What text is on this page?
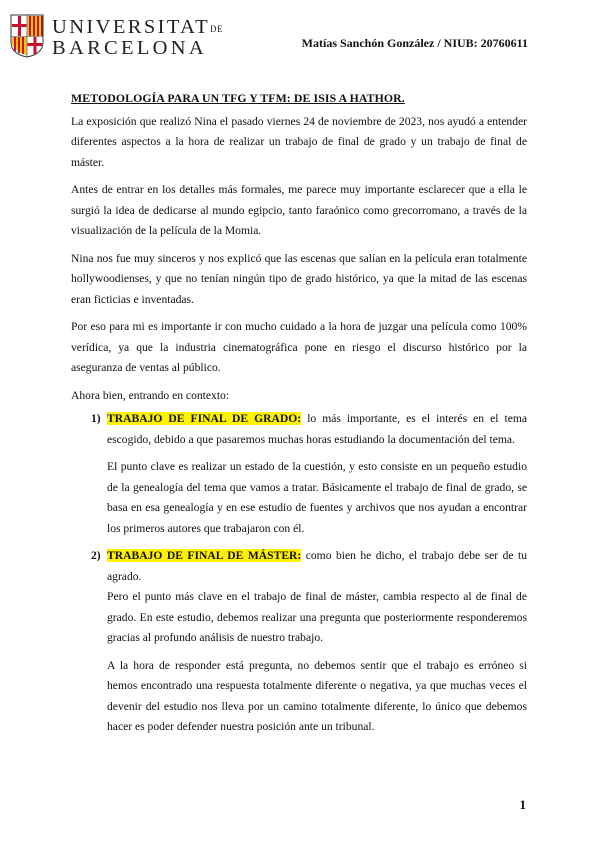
UNIVERSITATDE
BARCELONA	Matías Sanchón González / NIUB: 20760611
METODOLOGÍA PARA UN TFG Y TFM: DE ISIS A HATHOR.

La exposición que realizó Nina el pasado viernes 24 de noviembre de 2023, nos ayudó a entender diferentes aspectos a la hora de realizar un trabajo de final de grado y un trabajo de final de máster.

Antes de entrar en los detalles más formales, me parece muy importante esclarecer que a ella le surgió la idea de dedicarse al mundo egipcio, tanto faraónico como grecorromano, a través de la visualización de la película de la Momia.

Nina nos fue muy sinceros y nos explicó que las escenas que salían en la película eran totalmente hollywoodienses, y que no tenían ningún tipo de grado histórico, ya que la mitad de las escenas eran ficticias e inventadas.

Por eso para mi es importante ir con mucho cuidado a la hora de juzgar una película como 100% verídica, ya que la industria cinematográfica pone en riesgo el discurso histórico por la aseguranza de ventas al público.

Ahora bien, entrando en contexto:

1) TRABAJO DE FINAL DE GRADO: lo más importante, es el interés en el tema escogido, debido a que pasaremos muchas horas estudiando la documentación del tema.

El punto clave es realizar un estado de la cuestión, y esto consiste en un pequeño estudio de la genealogía del tema que vamos a tratar. Básicamente el trabajo de final de grado, se basa en esa genealogía y en ese estudio de fuentes y archivos que nos ayudan a encontrar los primeros autores que trabajaron con él.

2) TRABAJO DE FINAL DE MÁSTER: como bien he dicho, el trabajo debe ser de tu agrado.

Pero el punto más clave en el trabajo de final de máster, cambia respecto al de final de grado. En este estudio, debemos realizar una pregunta que posteriormente responderemos gracias al profundo análisis de nuestro trabajo.

A la hora de responder está pregunta, no debemos sentir que el trabajo es erróneo si hemos encontrado una respuesta totalmente diferente o negativa, ya que muchas veces el devenir del estudio nos lleva por un camino totalmente diferente, lo único que debemos hacer es poder defender nuestra posición ante un tribunal.

1
